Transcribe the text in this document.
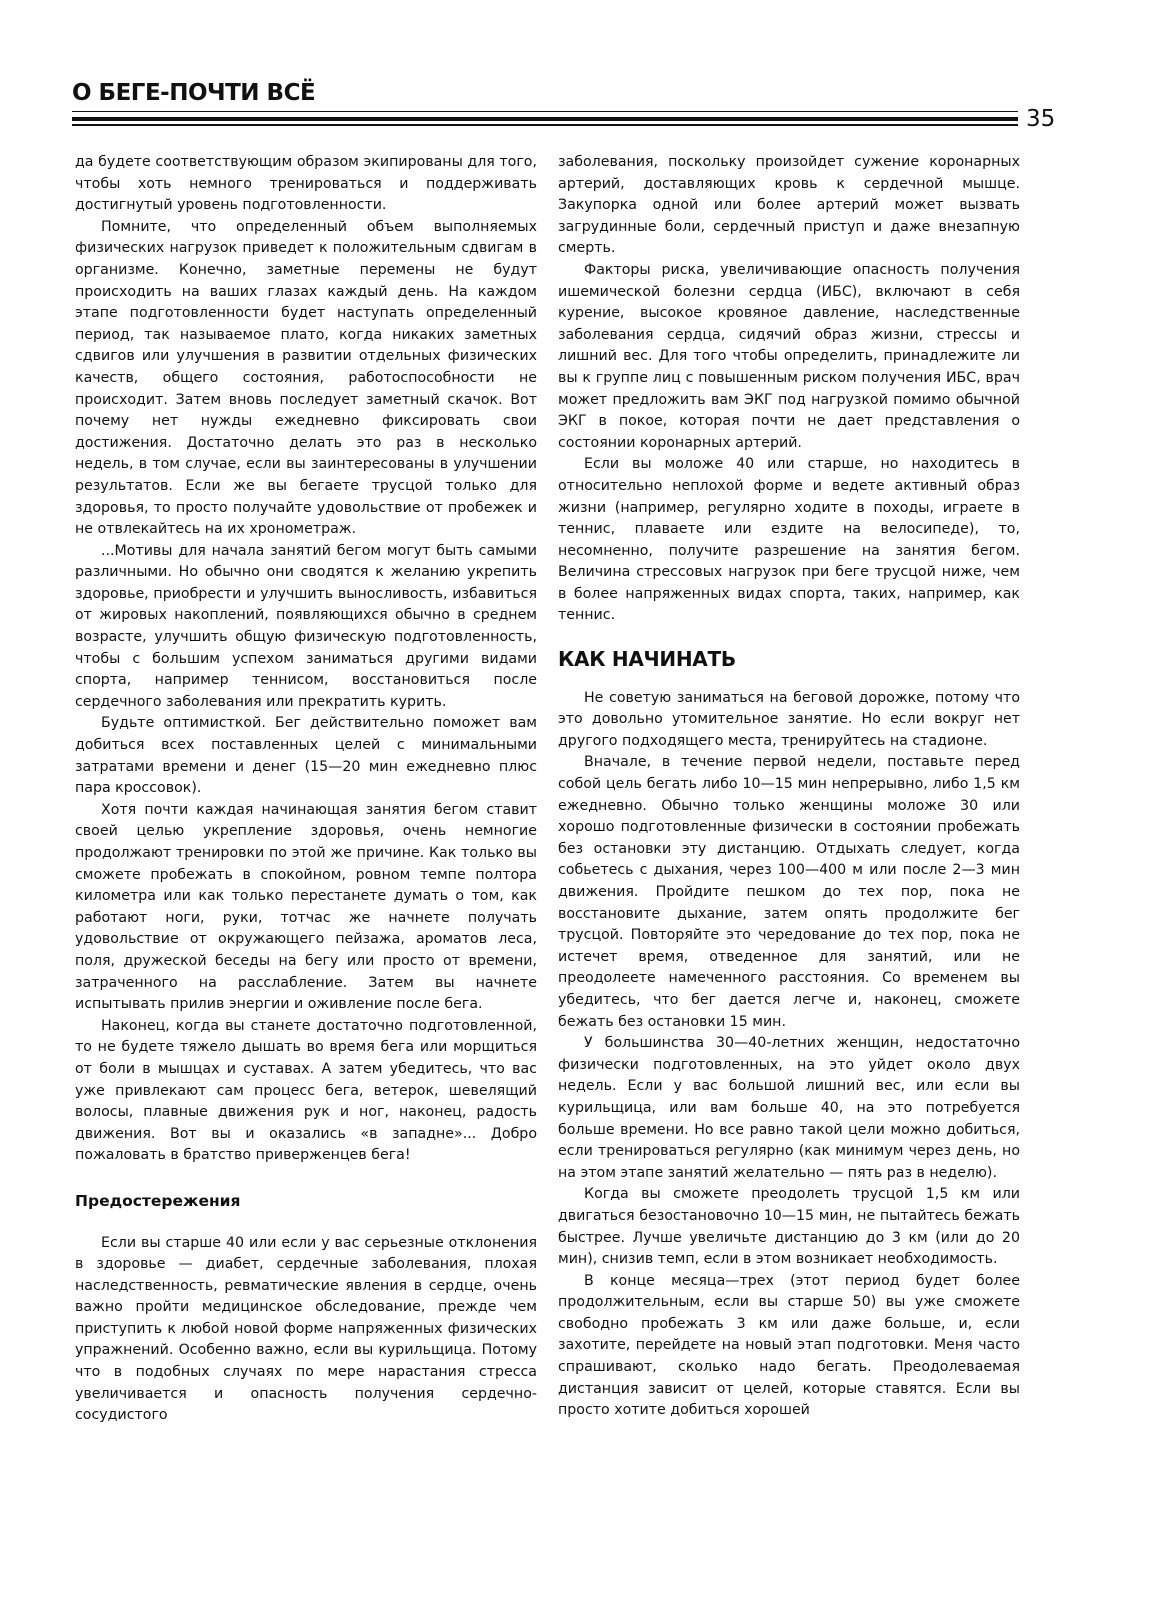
О БЕГЕ-ПОЧТИ ВСЁ
35

да будете соответствующим образом экипированы для того, чтобы хоть немного тренироваться и поддерживать достигнутый уровень подготовленности.

Помните, что определенный объем выполняемых физических нагрузок приведет к положительным сдвигам в организме. Конечно, заметные перемены не будут происходить на ваших глазах каждый день. На каждом этапе подготовленности будет наступать определенный период, так называемое плато, когда никаких заметных сдвигов или улучшения в развитии отдельных физических качеств, общего состояния, работоспособности не происходит. Затем вновь последует заметный скачок. Вот почему нет нужды ежедневно фиксировать свои достижения. Достаточно делать это раз в несколько недель, в том случае, если вы заинтересованы в улучшении результатов. Если же вы бегаете трусцой только для здоровья, то просто получайте удовольствие от пробежек и не отвлекайтесь на их хронометраж.

...Мотивы для начала занятий бегом могут быть самыми различными. Но обычно они сводятся к желанию укрепить здоровье, приобрести и улучшить выносливость, избавиться от жировых накоплений, появляющихся обычно в среднем возрасте, улучшить общую физическую подготовленность, чтобы с большим успехом заниматься другими видами спорта, например теннисом, восстановиться после сердечного заболевания или прекратить курить.

Будьте оптимисткой. Бег действительно поможет вам добиться всех поставленных целей с минимальными затратами времени и денег (15—20 мин ежедневно плюс пара кроссовок).

Хотя почти каждая начинающая занятия бегом ставит своей целью укрепление здоровья, очень немногие продолжают тренировки по этой же причине. Как только вы сможете пробежать в спокойном, ровном темпе полтора километра или как только перестанете думать о том, как работают ноги, руки, тотчас же начнете получать удовольствие от окружающего пейзажа, ароматов леса, поля, дружеской беседы на бегу или просто от времени, затраченного на расслабление. Затем вы начнете испытывать прилив энергии и оживление после бега.

Наконец, когда вы станете достаточно подготовленной, то не будете тяжело дышать во время бега или морщиться от боли в мышцах и суставах. А затем убедитесь, что вас уже привлекают сам процесс бега, ветерок, шевелящий волосы, плавные движения рук и ног, наконец, радость движения. Вот вы и оказались «в западне»... Добро пожаловать в братство приверженцев бега!

Предостережения

Если вы старше 40 или если у вас серьезные отклонения в здоровье — диабет, сердечные заболевания, плохая наследственность, ревматические явления в сердце, очень важно пройти медицинское обследование, прежде чем приступить к любой новой форме напряженных физических упражнений. Особенно важно, если вы курильщица. Потому что в подобных случаях по мере нарастания стресса увеличивается и опасность получения сердечно-сосудистого

заболевания, поскольку произойдет сужение коронарных артерий, доставляющих кровь к сердечной мышце. Закупорка одной или более артерий может вызвать загрудинные боли, сердечный приступ и даже внезапную смерть.

Факторы риска, увеличивающие опасность получения ишемической болезни сердца (ИБС), включают в себя курение, высокое кровяное давление, наследственные заболевания сердца, сидячий образ жизни, стрессы и лишний вес. Для того чтобы определить, принадлежите ли вы к группе лиц с повышенным риском получения ИБС, врач может предложить вам ЭКГ под нагрузкой помимо обычной ЭКГ в покое, которая почти не дает представления о состоянии коронарных артерий.

Если вы моложе 40 или старше, но находитесь в относительно неплохой форме и ведете активный образ жизни (например, регулярно ходите в походы, играете в теннис, плаваете или ездите на велосипеде), то, несомненно, получите разрешение на занятия бегом. Величина стрессовых нагрузок при беге трусцой ниже, чем в более напряженных видах спорта, таких, например, как теннис.

КАК НАЧИНАТЬ

Не советую заниматься на беговой дорожке, потому что это довольно утомительное занятие. Но если вокруг нет другого подходящего места, тренируйтесь на стадионе.

Вначале, в течение первой недели, поставьте перед собой цель бегать либо 10—15 мин непрерывно, либо 1,5 км ежедневно. Обычно только женщины моложе 30 или хорошо подготовленные физически в состоянии пробежать без остановки эту дистанцию. Отдыхать следует, когда собьетесь с дыхания, через 100—400 м или после 2—3 мин движения. Пройдите пешком до тех пор, пока не восстановите дыхание, затем опять продолжите бег трусцой. Повторяйте это чередование до тех пор, пока не истечет время, отведенное для занятий, или не преодолеете намеченного расстояния. Со временем вы убедитесь, что бег дается легче и, наконец, сможете бежать без остановки 15 мин.

У большинства 30—40-летних женщин, недостаточно физически подготовленных, на это уйдет около двух недель. Если у вас большой лишний вес, или если вы курильщица, или вам больше 40, на это потребуется больше времени. Но все равно такой цели можно добиться, если тренироваться регулярно (как минимум через день, но на этом этапе занятий желательно — пять раз в неделю).

Когда вы сможете преодолеть трусцой 1,5 км или двигаться безостановочно 10—15 мин, не пытайтесь бежать быстрее. Лучше увеличьте дистанцию до 3 км (или до 20 мин), снизив темп, если в этом возникает необходимость.

В конце месяца—трех (этот период будет более продолжительным, если вы старше 50) вы уже сможете свободно пробежать 3 км или даже больше, и, если захотите, перейдете на новый этап подготовки. Меня часто спрашивают, сколько надо бегать. Преодолеваемая дистанция зависит от целей, которые ставятся. Если вы просто хотите добиться хорошей
